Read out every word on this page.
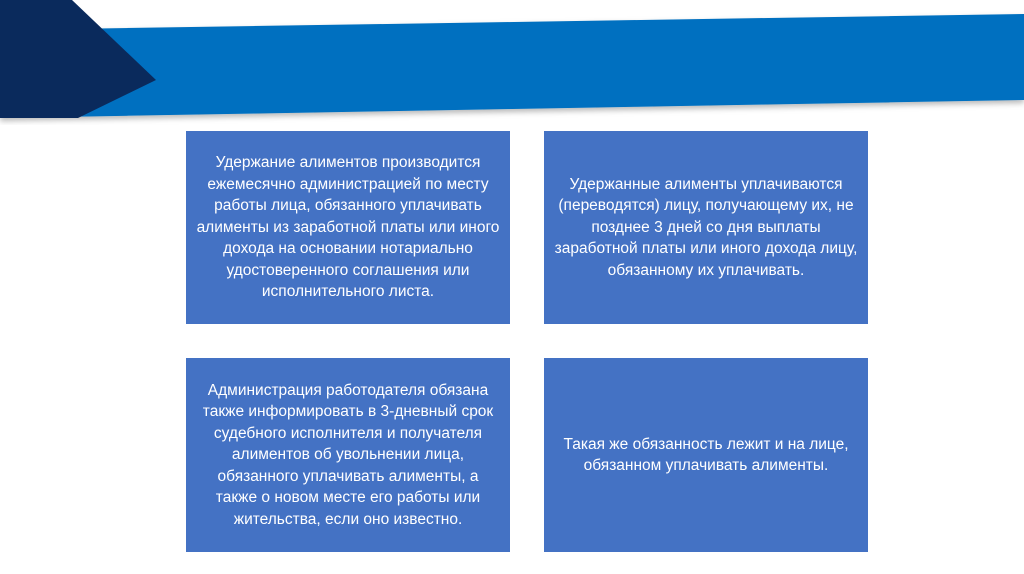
Удержание алиментов производится ежемесячно администрацией по месту работы лица, обязанного уплачивать алименты из заработной платы или иного дохода на основании нотариально удостоверенного соглашения или исполнительного листа.

Удержанные алименты уплачиваются (переводятся) лицу, получающему их, не позднее 3 дней со дня выплаты заработной платы или иного дохода лицу, обязанному их уплачивать.

Администрация работодателя обязана также информировать в 3-дневный срок судебного исполнителя и получателя алиментов об увольнении лица, обязанного уплачивать алименты, а также о новом месте его работы или жительства, если оно известно.

Такая же обязанность лежит и на лице, обязанном уплачивать алименты.
